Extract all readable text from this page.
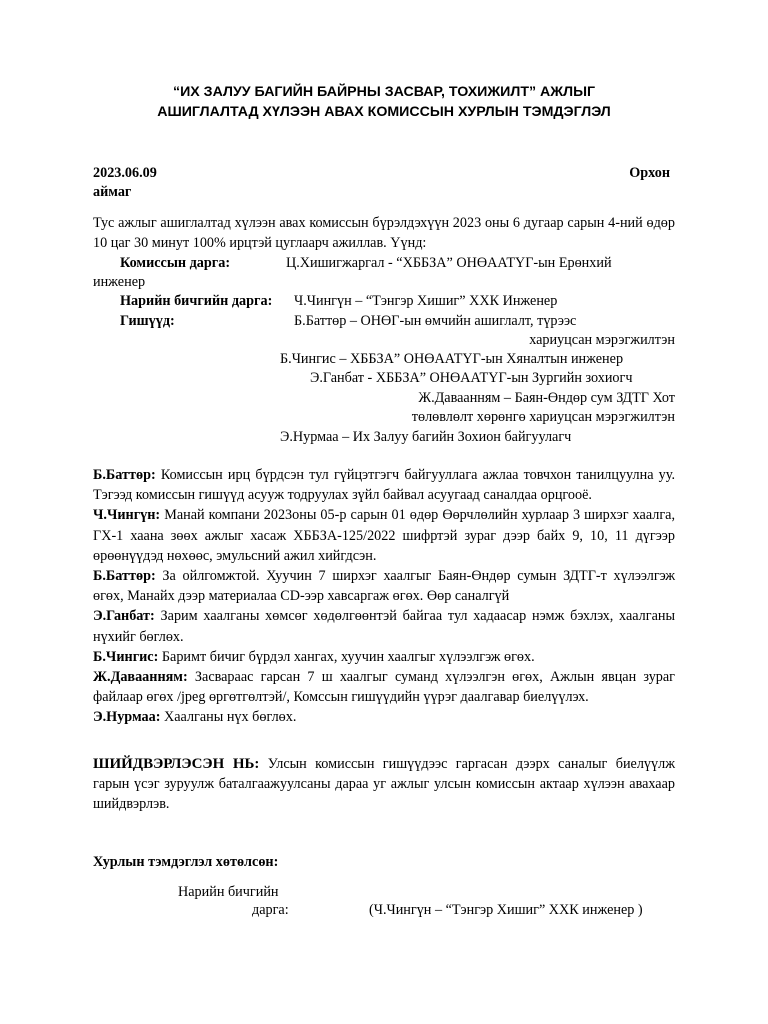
“ИХ ЗАЛУУ БАГИЙН БАЙРНЫ ЗАСВАР, ТОХИЖИЛТ” АЖЛЫГ
АШИГЛАЛТАД ХҮЛЭЭН АВАХ КОМИССЫН ХУРЛЫН ТЭМДЭГЛЭЛ
2023.06.09	Орхон
аймаг
Тус ажлыг ашиглалтад хүлээн авах комиссын бүрэлдэхүүн 2023 оны 6 дугаар сарын 4-ний өдөр 10 цаг 30 минут 100% ирцтэй цуглаарч ажиллав. Үүнд:
Комиссын дарга:	Ц.Хишигжаргал - “ХББЗА” ОНӨААТҮГ-ын Ерөнхий
инженер
Нарийн бичгийн дарга: Ч.Чингүн – “Тэнгэр Хишиг” ХХК Инженер
Гишүүд:	Б.Баттөр – ОНӨГ-ын өмчийн ашиглалт, түрээс
хариуцсан мэрэгжилтэн
Б.Чингис – ХББЗА” ОНӨААТҮГ-ын Хяналтын инженер
Э.Ганбат - ХББЗА” ОНӨААТҮГ-ын Зургийн зохиогч
Ж.Даваанням – Баян-Өндөр сум ЗДТГ Хот
төлөвлөлт хөрөнгө хариуцсан мэрэгжилтэн
Э.Нурмаа – Их Залуу багийн Зохион байгуулагч
Б.Баттөр: Комиссын ирц бүрдсэн тул гүйцэтгэгч байгууллага ажлаа товчхон танилцуулна уу. Тэгээд комиссын гишүүд асууж тодруулах зүйл байвал асуугаад саналдаа орцгооё.
Ч.Чингүн: Манай компани 2023оны 05-р сарын 01 өдөр Өөрчлөлийн хурлаар 3 ширхэг хаалга, ГХ-1 хаана зөөх ажлыг хасаж ХББЗА-125/2022 шифртэй зураг дээр байх 9, 10, 11 дүгээр өрөөнүүдэд нөхөөс, эмульсний ажил хийгдсэн.
Б.Баттөр: За ойлгомжтой. Хуучин 7 ширхэг хаалгыг Баян-Өндөр сумын ЗДТГ-т хүлээлгэж өгөх, Манайх дээр материалаа CD-ээр хавсаргаж өгөх. Өөр саналгүй
Э.Ганбат: Зарим хаалганы хөмсөг хөдөлгөөнтэй байгаа тул хадаасар нэмж бэхлэх, хаалганы нүхийг бөглөх.
Б.Чингис: Баримт бичиг бүрдэл хангах, хуучин хаалгыг хүлээлгэж өгөх.
Ж.Даваанням: Засвараас гарсан 7 ш хаалгыг суманд хүлээлгэн өгөх, Ажлын явцан зураг файлаар өгөх /jpeg өргөтгөлтэй/, Комссын гишүүдийн үүрэг даалгавар биелүүлэх.
Э.Нурмаа: Хаалганы нүх бөглөх.
ШИЙДВЭРЛЭСЭН НЬ: Улсын комиссын гишүүдээс гаргасан дээрх саналыг биелүүлж гарын үсэг зуруулж баталгаажуулсаны дараа уг ажлыг улсын комиссын актаар хүлээн авахаар шийдвэрлэв.
Хурлын тэмдэглэл хөтөлсөн:
Нарийн бичгийн
дарга:	(Ч.Чингүн – “Тэнгэр Хишиг” ХХК инженер )
